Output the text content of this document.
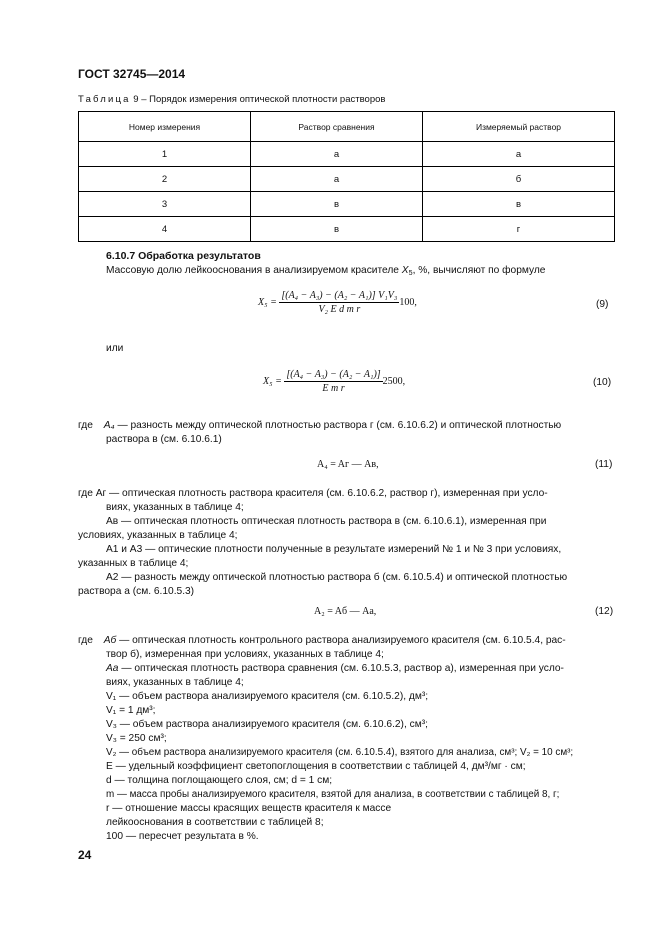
ГОСТ 32745—2014
Таблица 9 – Порядок измерения оптической плотности растворов
Номер измерения	Раствор сравнения	Измеряемый раствор
1	а	а
2	а	б
3	в	в
4	в	г
6.10.7 Обработка результатов
Массовую долю лейкооснования в анализируемом красителе $X_5$, %, вычисляют по формуле
$X_5 = \frac{\text{[(A₄ − A₃) − (A₂ − A₁)] V₁V₃}}{\text{V₂ E d m r}} 100$,	(9)
или
$X_5 = \frac{\text{[(A₄ − A₃) − (A₂ − A₁)]}}{\text{E m r}} 2500$,	(10)
где A₄ — разность между оптической плотностью раствора г (см. 6.10.6.2) и оптической плотностью
раствора в (см. 6.10.6.1)
A₄ = Aг — Aв,	(11)
где Аг — оптическая плотность раствора красителя (см. 6.10.6.2, раствор г), измеренная при усло-
виях, указанных в таблице 4;
Ав — оптическая плотность оптическая плотность раствора в (см. 6.10.6.1), измеренная при
условиях, указанных в таблице 4;
А1 и А3 — оптические плотности полученные в результате измерений № 1 и № 3 при условиях,
указанных в таблице 4;
А2 — разность между оптической плотностью раствора б (см. 6.10.5.4) и оптической плотностью
раствора а (см. 6.10.5.3)
A₂ = Aб — Aа,	(12)
где Aб — оптическая плотность контрольного раствора анализируемого красителя (см. 6.10.5.4, рас-
твор б), измеренная при условиях, указанных в таблице 4;
Aа — оптическая плотность раствора сравнения (см. 6.10.5.3, раствор а), измеренная при усло-
виях, указанных в таблице 4;
V₁ — объем раствора анализируемого красителя (см. 6.10.5.2), дм³;
V₁ = 1 дм³;
V₃ — объем раствора анализируемого красителя (см. 6.10.6.2), см³;
V₃ = 250 см³;
V₂ — объем раствора анализируемого красителя (см. 6.10.5.4), взятого для анализа, см³; V₂ = 10 см³;
E — удельный коэффициент светопоглощения в соответствии с таблицей 4, дм³/мг · см;
d — толщина поглощающего слоя, см; d = 1 см;
m — масса пробы анализируемого красителя, взятой для анализа, в соответствии с таблицей 8, г;
r — отношение массы красящих веществ красителя к массе
лейкооснования в соответствии с таблицей 8;
100 — пересчет результата в %.
24
